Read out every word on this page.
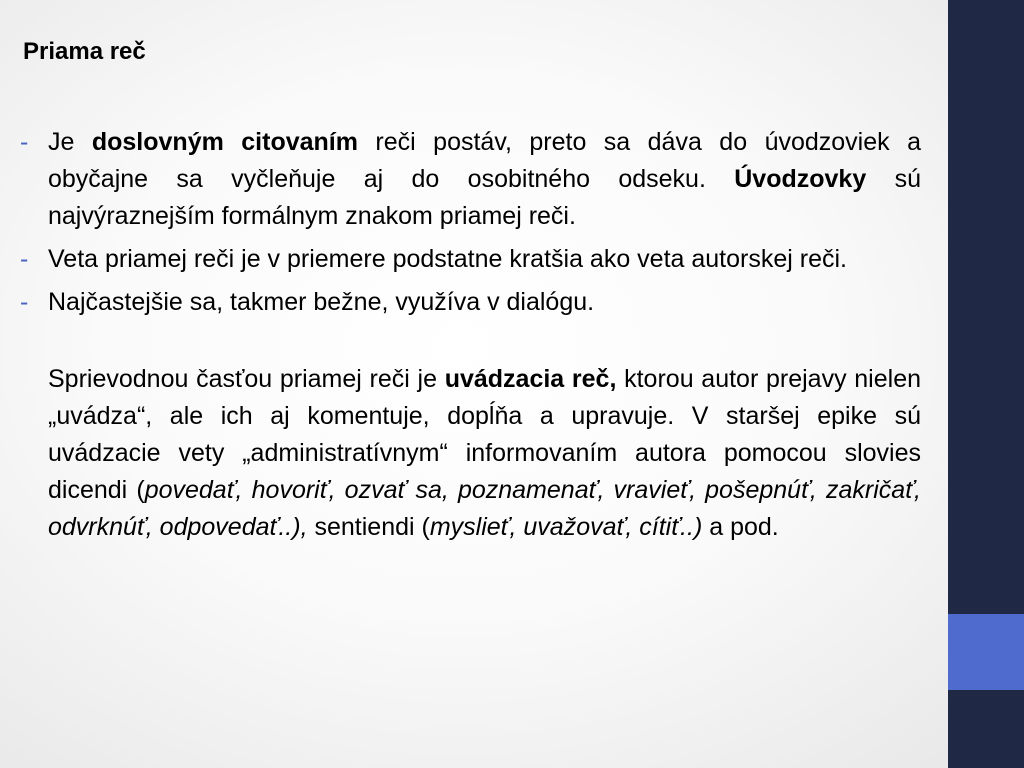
Priama reč
- Je doslovným citovaním reči postáv, preto sa dáva do úvodzoviek a obyčajne sa vyčleňuje aj do osobitného odseku. Úvodzovky sú najvýraznejším formálnym znakom priamej reči.
- Veta priamej reči je v priemere podstatne kratšia ako veta autorskej reči.
- Najčastejšie sa, takmer bežne, využíva v dialógu.

Sprievodnou časťou priamej reči je uvádzacia reč, ktorou autor prejavy nielen „uvádza“, ale ich aj komentuje, dopĺňa a upravuje. V staršej epike sú uvádzacie vety „administratívnym“ informovaním autora pomocou slovies dicendi (povedať, hovoriť, ozvať sa, poznamenať, vravieť, pošepnúť, zakričať, odvrknúť, odpovedať..), sentiendi (myslieť, uvažovať, cítiť..) a pod.
